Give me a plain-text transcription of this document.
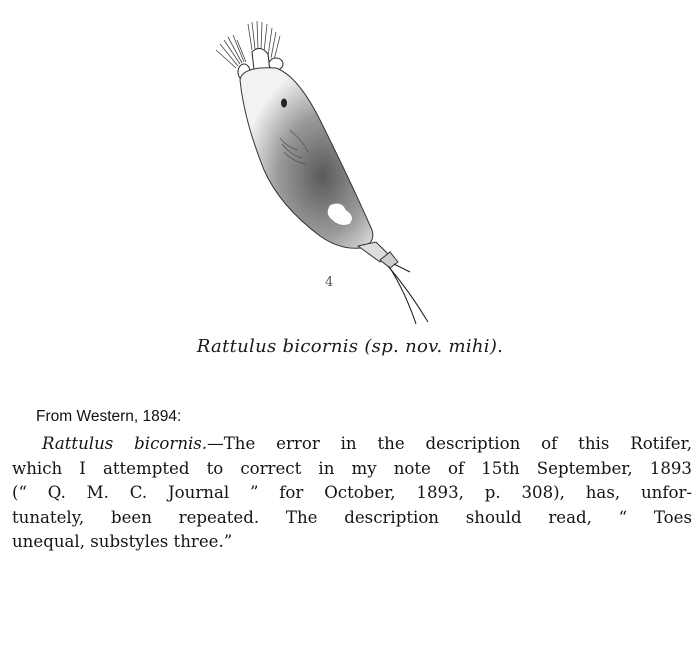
4
Rattulus bicornis (sp. nov. mihi).
From Western, 1894:
Rattulus bicornis.—The error in the description of this Rotifer,
which I attempted to correct in my note of 15th September, 1893
(“ Q. M. C. Journal ” for October, 1893, p. 308), has, unfor-
tunately, been repeated. The description should read, “ Toes
unequal, substyles three.”
